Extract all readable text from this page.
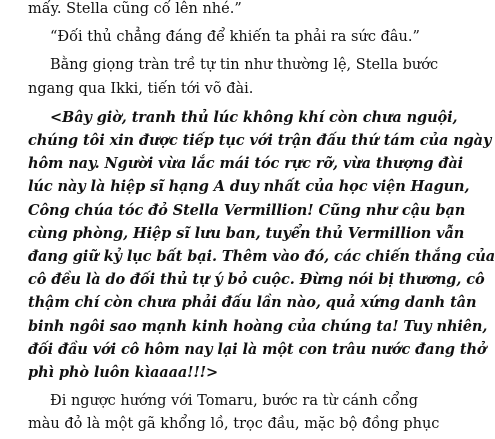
mấy. Stella cũng cố lên nhé.”

“Đối thủ chẳng đáng để khiến ta phải ra sức đâu.”

Bằng giọng tràn trề tự tin như thường lệ, Stella bước
ngang qua Ikki, tiến tới võ đài.

<Bây giờ, tranh thủ lúc không khí còn chưa nguội,
chúng tôi xin được tiếp tục với trận đấu thứ tám của ngày
hôm nay. Người vừa lắc mái tóc rực rỡ, vừa thượng đài
lúc này là hiệp sĩ hạng A duy nhất của học viện Hagun,
Công chúa tóc đỏ Stella Vermillion! Cũng như cậu bạn
cùng phòng, Hiệp sĩ lưu ban, tuyển thủ Vermillion vẫn
đang giữ kỷ lục bất bại. Thêm vào đó, các chiến thắng của
cô đều là do đối thủ tự ý bỏ cuộc. Đừng nói bị thương, cô
thậm chí còn chưa phải đấu lần nào, quả xứng danh tân
binh ngôi sao mạnh kinh hoàng của chúng ta! Tuy nhiên,
đối đầu với cô hôm nay lại là một con trâu nước đang thở
phì phò luôn kìaaaa!!!>

Đi ngược hướng với Tomaru, bước ra từ cánh cổng
màu đỏ là một gã khổng lồ, trọc đầu, mặc bộ đồng phục
